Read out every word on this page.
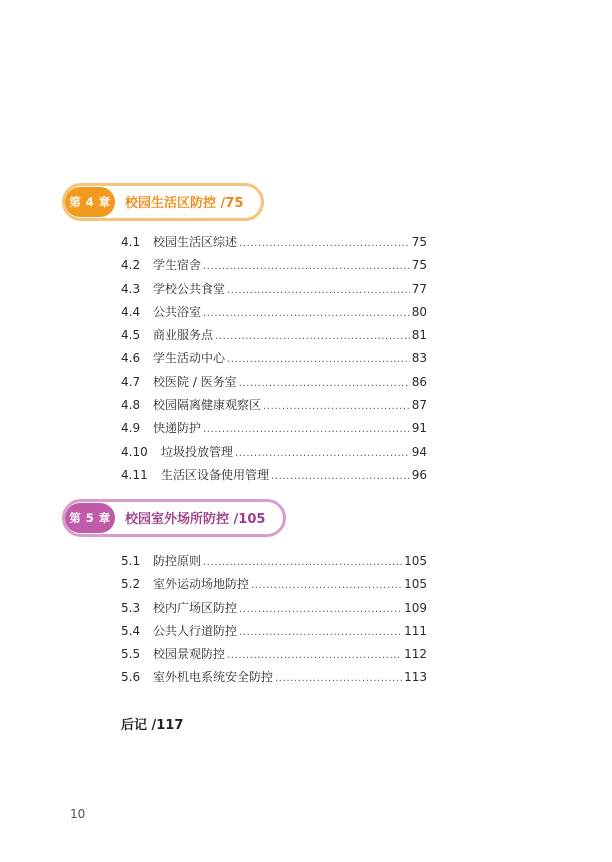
第 4 章	校园生活区防控 /75
4.1	校园生活区综述 .....	75
4.2	学生宿舍 .....	75
4.3	学校公共食堂 .....	77
4.4	公共浴室 .....	80
4.5	商业服务点 .....	81
4.6	学生活动中心 .....	83
4.7	校医院 / 医务室 .....	86
4.8	校园隔离健康观察区 .....	87
4.9	快递防护 .....	91
4.10	垃圾投放管理 .....	94
4.11	生活区设备使用管理 .....	96
第 5 章	校园室外场所防控 /105
5.1	防控原则 .....	105
5.2	室外运动场地防控 .....	105
5.3	校内广场区防控 .....	109
5.4	公共人行道防控 .....	111
5.5	校园景观防控 .....	112
5.6	室外机电系统安全防控 .....	113
后记 /117
10
